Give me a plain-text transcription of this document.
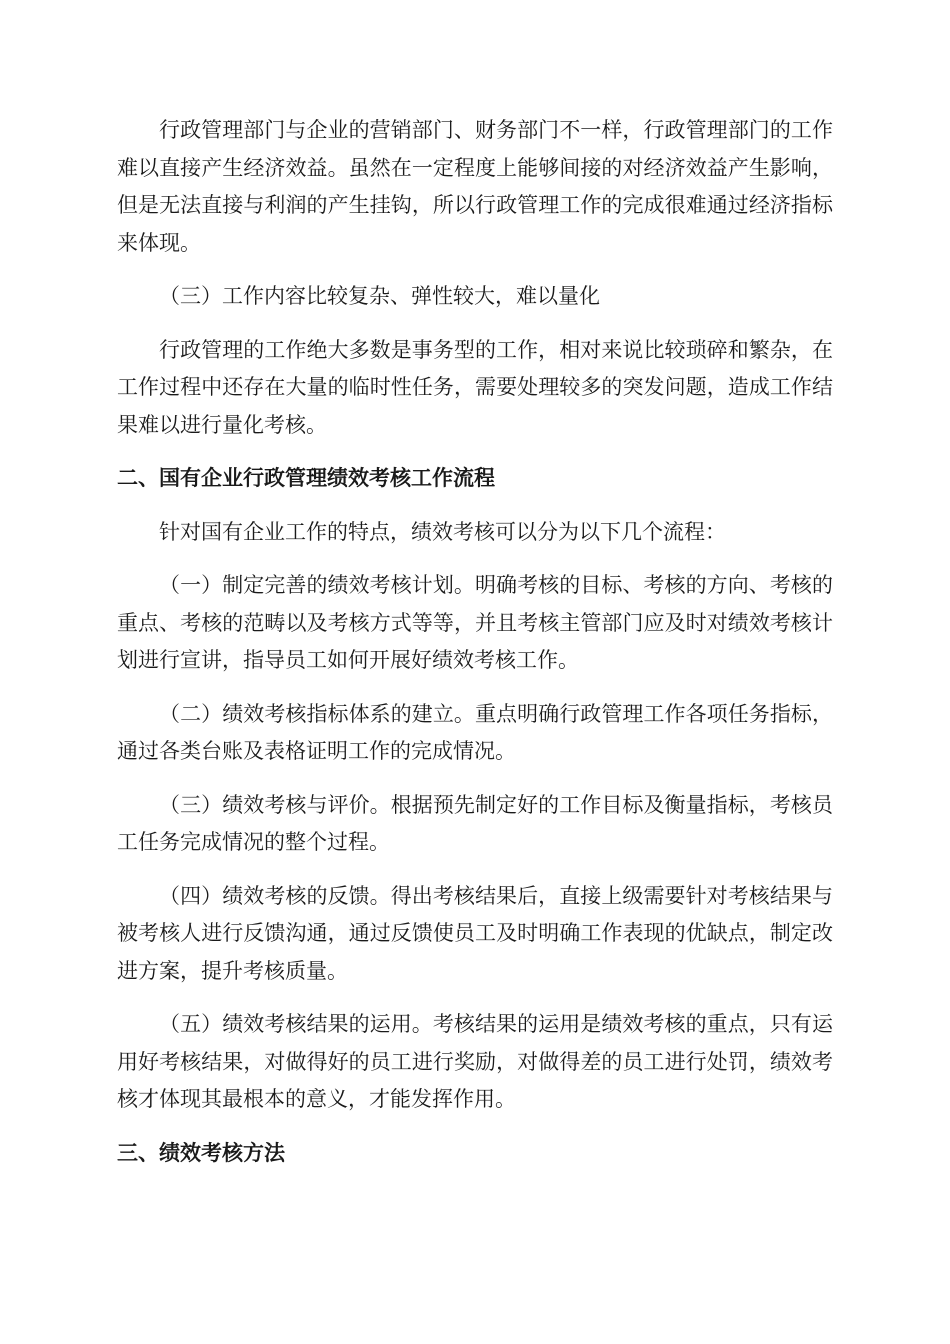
行政管理部门与企业的营销部门、财务部门不一样，行政管理部门的工作难以直接产生经济效益。虽然在一定程度上能够间接的对经济效益产生影响，但是无法直接与利润的产生挂钩，所以行政管理工作的完成很难通过经济指标来体现。

（三）工作内容比较复杂、弹性较大，难以量化

行政管理的工作绝大多数是事务型的工作，相对来说比较琐碎和繁杂，在工作过程中还存在大量的临时性任务，需要处理较多的突发问题，造成工作结果难以进行量化考核。

二、国有企业行政管理绩效考核工作流程

针对国有企业工作的特点，绩效考核可以分为以下几个流程：

（一）制定完善的绩效考核计划。明确考核的目标、考核的方向、考核的重点、考核的范畴以及考核方式等等，并且考核主管部门应及时对绩效考核计划进行宣讲，指导员工如何开展好绩效考核工作。

（二）绩效考核指标体系的建立。重点明确行政管理工作各项任务指标，通过各类台账及表格证明工作的完成情况。

（三）绩效考核与评价。根据预先制定好的工作目标及衡量指标，考核员工任务完成情况的整个过程。

（四）绩效考核的反馈。得出考核结果后，直接上级需要针对考核结果与被考核人进行反馈沟通，通过反馈使员工及时明确工作表现的优缺点，制定改进方案，提升考核质量。

（五）绩效考核结果的运用。考核结果的运用是绩效考核的重点，只有运用好考核结果，对做得好的员工进行奖励，对做得差的员工进行处罚，绩效考核才体现其最根本的意义，才能发挥作用。

三、绩效考核方法
